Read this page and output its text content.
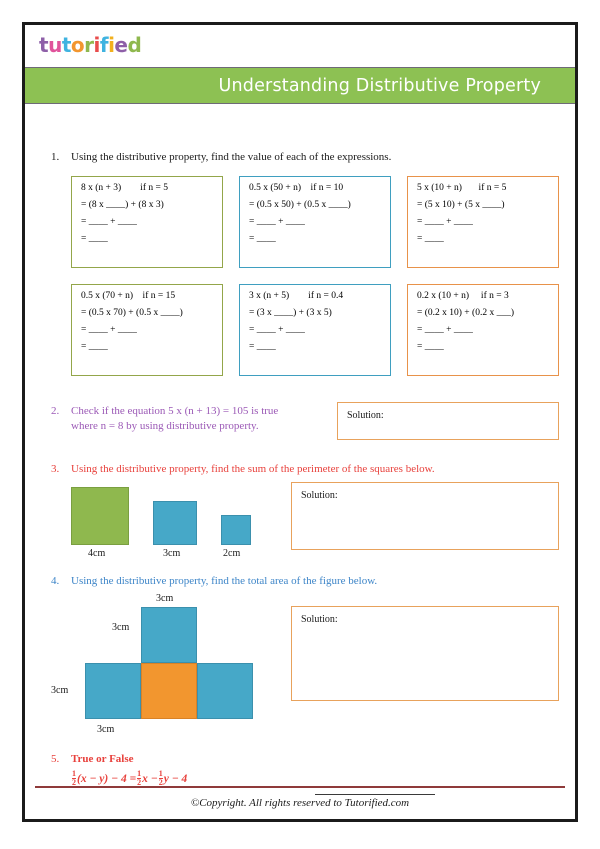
tutorified
Understanding Distributive Property
1.	Using the distributive property, find the value of each of the expressions.
8 x (n + 3)        if n = 5
= (8 x ____) + (8 x 3)
= ____ + ____
= ____
0.5 x (50 + n)    if n = 10
= (0.5 x 50) + (0.5 x ____)
= ____ + ____
= ____
5 x (10 + n)       if n = 5
= (5 x 10) + (5 x ____)
= ____ + ____
= ____
0.5 x (70 + n)    if n = 15
= (0.5 x 70) + (0.5 x ____)
= ____ + ____
= ____
3 x (n + 5)        if n = 0.4
= (3 x ____) + (3 x 5)
= ____ + ____
= ____
0.2 x (10 + n)     if n = 3
= (0.2 x 10) + (0.2 x ___)
= ____ + ____
= ____
2.	Check if the equation 5 x (n + 13) = 105 is true
where n = 8 by using distributive property.
Solution:
3.	Using the distributive property, find the sum of the perimeter of the squares below.
4cm	3cm	2cm
Solution:
4.	Using the distributive property, find the total area of the figure below.
3cm
3cm
3cm
3cm
Solution:
5.	True or False
$\frac{1}{2} (x - y) - 4 = \frac{1}{2}$ $x - \frac{1}{2}$ y − 4
©Copyright. All rights reserved to Tutorified.com
